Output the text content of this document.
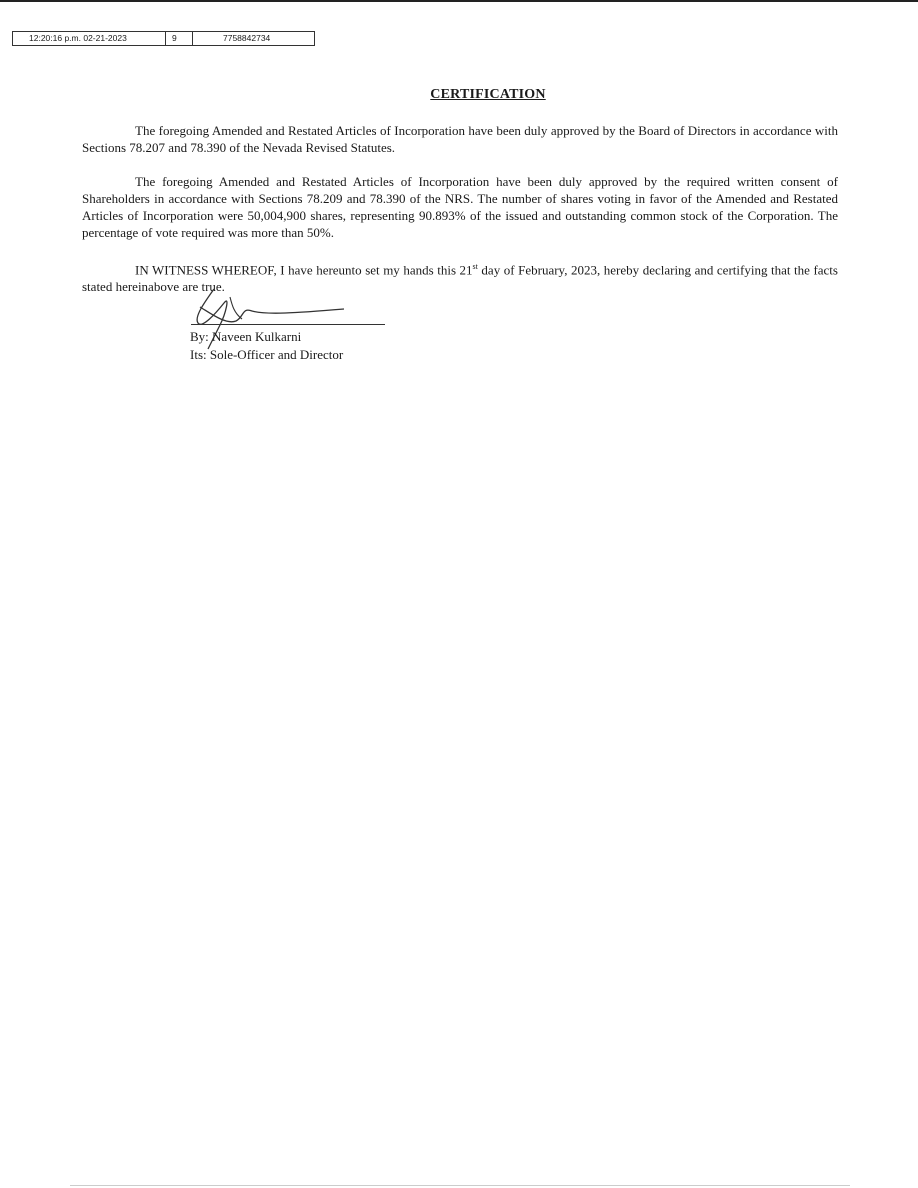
12:20:16 p.m. 02-21-2023	9	7758842734
CERTIFICATION

The foregoing Amended and Restated Articles of Incorporation have been duly approved by the Board of Directors in accordance with Sections 78.207 and 78.390 of the Nevada Revised Statutes.

The foregoing Amended and Restated Articles of Incorporation have been duly approved by the required written consent of Shareholders in accordance with Sections 78.209 and 78.390 of the NRS. The number of shares voting in favor of the Amended and Restated Articles of Incorporation were 50,004,900 shares, representing 90.893% of the issued and outstanding common stock of the Corporation. The percentage of vote required was more than 50%.

IN WITNESS WHEREOF, I have hereunto set my hands this 21st day of February, 2023, hereby declaring and certifying that the facts stated hereinabove are true.

By: Naveen Kulkarni
Its: Sole-Officer and Director
